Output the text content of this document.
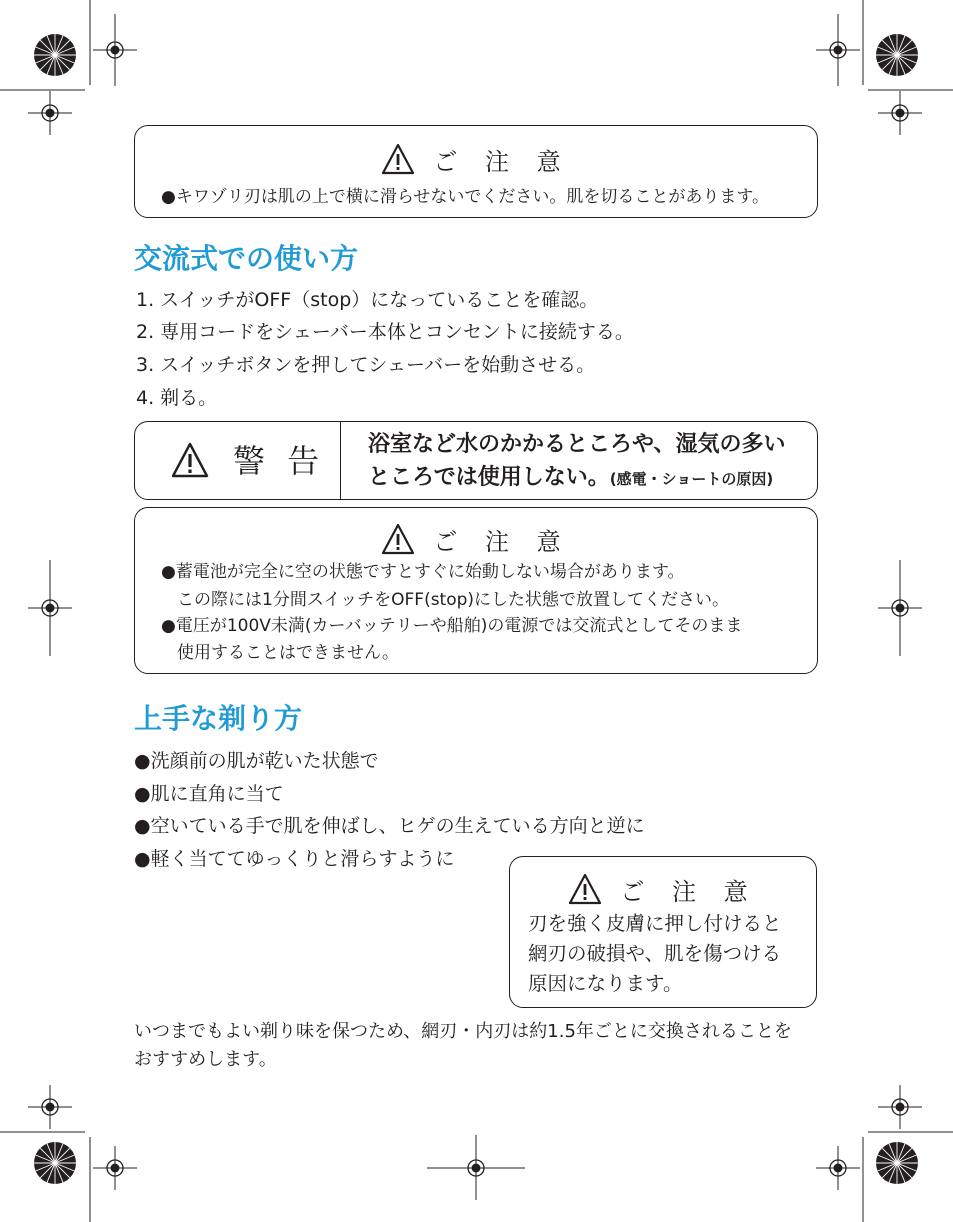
ご 注 意
●キワゾリ刃は肌の上で横に滑らせないでください。肌を切ることがあります。
交流式での使い方
1. スイッチがOFF（stop）になっていることを確認。
2. 専用コードをシェーバー本体とコンセントに接続する。
3. スイッチボタンを押してシェーバーを始動させる。
4. 剃る。
警 告 浴室など水のかかるところや、湿気の多い
ところでは使用しない。(感電・ショートの原因)
ご 注 意
●蓄電池が完全に空の状態ですとすぐに始動しない場合があります。
この際には1分間スイッチをOFF(stop)にした状態で放置してください。
●電圧が100V未満(カーバッテリーや船舶)の電源では交流式としてそのまま
使用することはできません。
上手な剃り方
●洗顔前の肌が乾いた状態で
●肌に直角に当て
●空いている手で肌を伸ばし、ヒゲの生えている方向と逆に
●軽く当ててゆっくりと滑らすように
ご 注 意
刃を強く皮膚に押し付けると
網刃の破損や、肌を傷つける
原因になります。
いつまでもよい剃り味を保つため、網刃・内刃は約1.5年ごとに交換されることを
おすすめします。
